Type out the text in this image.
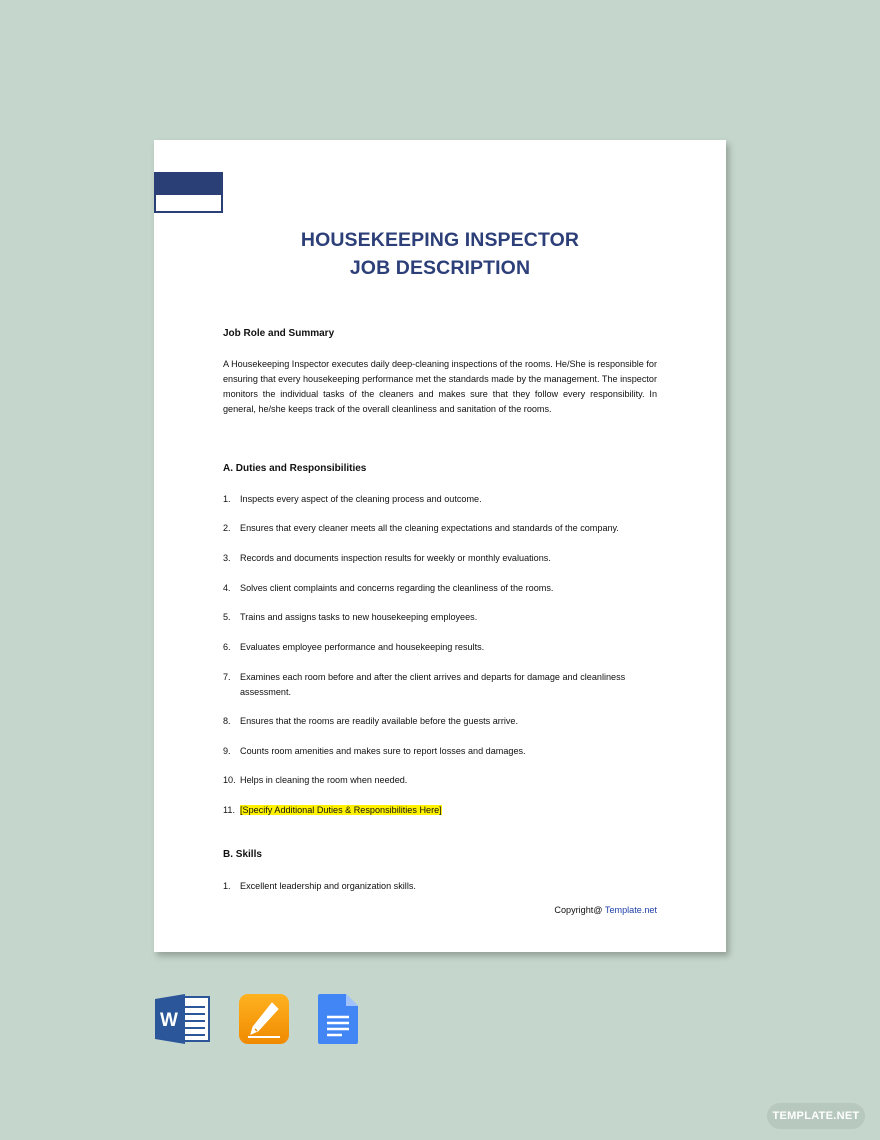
HOUSEKEEPING INSPECTOR
JOB DESCRIPTION
Job Role and Summary
A Housekeeping Inspector executes daily deep-cleaning inspections of the rooms. He/She is responsible for ensuring that every housekeeping performance met the standards made by the management. The inspector monitors the individual tasks of the cleaners and makes sure that they follow every responsibility. In general, he/she keeps track of the overall cleanliness and sanitation of the rooms.
A. Duties and Responsibilities
1. Inspects every aspect of the cleaning process and outcome.
2. Ensures that every cleaner meets all the cleaning expectations and standards of the company.
3. Records and documents inspection results for weekly or monthly evaluations.
4. Solves client complaints and concerns regarding the cleanliness of the rooms.
5. Trains and assigns tasks to new housekeeping employees.
6. Evaluates employee performance and housekeeping results.
7. Examines each room before and after the client arrives and departs for damage and cleanliness assessment.
8. Ensures that the rooms are readily available before the guests arrive.
9. Counts room amenities and makes sure to report losses and damages.
10. Helps in cleaning the room when needed.
11. [Specify Additional Duties & Responsibilities Here]
B. Skills
1. Excellent leadership and organization skills.
Copyright@ Template.net
W
TEMPLATE.NET
